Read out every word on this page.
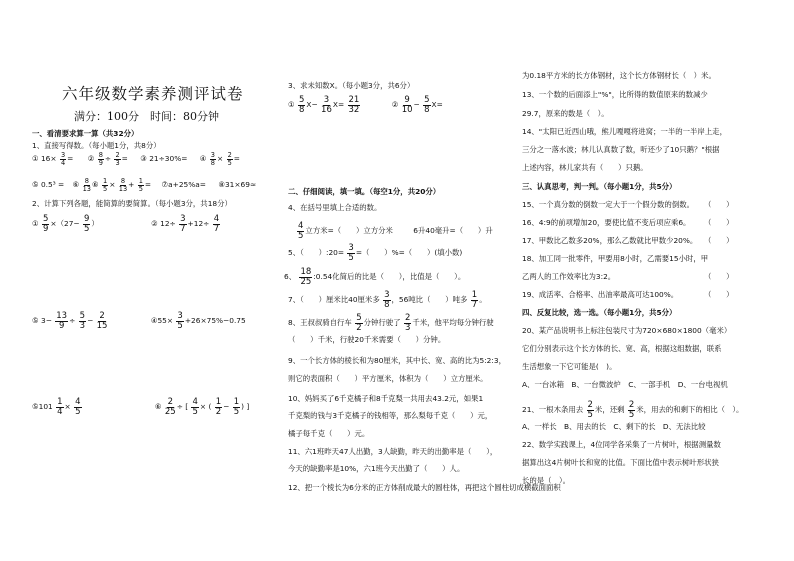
六年级数学素养测评试卷
满分：100分　时间：80分钟
一、看清要求算一算（共32分）
1、直接写得数。（每小题1分，共8分）
① $16\times \frac{3}{4}$ = ② $\frac{8}{9} \div \frac{2}{3}$ = ③ 21÷30%= ④ $\frac{3}{8} \times \frac{2}{5}$ =
⑤ 0.5³ = ⑥ $\frac{8}{13}$ ⑥ $\frac{1}{5} \times \frac{8}{13} + \frac{1}{5}$ = ⑦a+25%a= ⑧31×69≈
2、计算下列各题，能简算的要简算。（每小题3分，共18分）
① $\frac{5}{9} \times(27- \frac{9}{5}$ ）	② $12\div \frac{3}{7} +12\div \frac{4}{7}$
⑤ $3- \frac{13}{9} \div \frac{5}{3} - \frac{2}{15}$	④55× $\frac{3}{5} +26\times 75\%-0.75$
⑤101 $\frac{1}{4} \times \frac{4}{5}$	⑥ $\frac{2}{25}$ ÷ [ $\frac{4}{5}$ × ( $\frac{1}{2} - \frac{1}{5}$ ) ]
3、求未知数X。（每小题3分，共6分）
① $\frac{5}{8} X- \frac{3}{16} X= \frac{21}{32}$	② $\frac{9}{10} - \frac{5}{8} X=$
二、仔细阅读，填一填。（每空1分，共20分）
4、在括号里填上合适的数。
$\frac{4}{5}$ 立方米=（　　）立方分米	6升40毫升=（　　）升
5、（　　）:20= $\frac{3}{5}$ =（　　）%=（　　）(填小数)
6、 $\frac{18}{25}$ :0.54化简后的比是（　　），比值是（　　）。
7、（　　）厘米比40厘米多 $\frac{3}{8}$ ，56吨比（　　）吨多 $\frac{1}{7}$ 。
8、王叔叔骑自行车 $\frac{5}{2}$ 分钟行驶了 $\frac{2}{3}$ 千米，他平均每分钟行驶
（　　）千米，行驶20千米需要（　　）分钟。
9、一个长方体的棱长和为80厘米，其中长、宽、高的比为5:2:3，
则它的表面积（　　）平方厘米，体积为（　　）立方厘米。
10、妈妈买了6千克橘子和8千克梨一共用去43.2元，如果1
千克梨的钱与3千克橘子的钱相等，那么梨每千克（　　）元，
橘子每千克（　　）元。
11、六1班昨天47人出勤，3人缺勤，昨天的出勤率是（　　），
今天的缺勤率是10%，六1班今天出勤了（　　）人。
12、把一个棱长为6分米的正方体削成最大的圆柱体，再把这个圆柱切成横截面面积
为0.18平方米的长方体钢材，这个长方体钢材长（　）米。
13、一个数的后面添上"%"，比所得的数值原来的数减少
29.7，原来的数是（　）。
14、"太阳已近西山哦，熊儿嘎嘎将进窝；一半的一半岸上走，
三分之一落水波；林儿认真数了数，听还少了10只鹅？"根据
上述内容，林儿家共有（　　）只鹅。
三、认真思考，判一判。（每小题1分，共5分）
15、一个真分数的倒数一定大于一个假分数的倒数。 （　　）
16、4:9的前项增加20，要使比值不变后项应乘6。 （　　）
17、甲数比乙数多20%，那么乙数就比甲数少20%。 （　　）
18、加工同一批零件，甲要用8小时，乙需要15小时，甲
乙两人的工作效率比为3:2。	（　　）
19、成活率、合格率、出油率最高可达100%。	（　　）
四、反复比较，选一选。（每小题1分，共5分）
20、某产品说明书上标注包装尺寸为720×680×1800（毫米）
它们分别表示这个长方体的长、宽、高，根据这组数据，联系
生活想象一下它可能是(　)。
A、一台冰箱　B、一台微波炉　C、一部手机　D、一台电视机
21、一根木条用去 $\frac{2}{5}$ 米，还剩 $\frac{2}{5}$ 米，用去的和剩下的相比（　）。
A、一样长　B、用去的长　C、剩下的长　D、无法比较
22、数学实践课上，4位同学各采集了一片树叶，根据测量数
据算出这4片树叶长和宽的比值。下面比值中表示树叶形状狭
长的是（　）。
